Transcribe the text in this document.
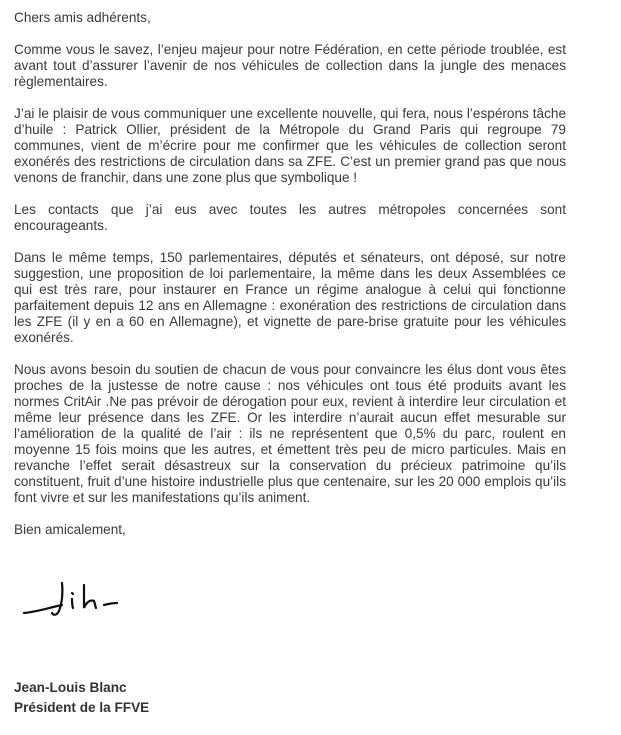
Chers amis adhérents,

Comme vous le savez, l’enjeu majeur pour notre Fédération, en cette période troublée, est avant tout d’assurer l’avenir de nos véhicules de collection dans la jungle des menaces règlementaires.

J’ai le plaisir de vous communiquer une excellente nouvelle, qui fera, nous l’espérons tâche d’huile : Patrick Ollier, président de la Métropole du Grand Paris qui regroupe 79 communes, vient de m’écrire pour me confirmer que les véhicules de collection seront exonérés des restrictions de circulation dans sa ZFE. C’est un premier grand pas que nous venons de franchir, dans une zone plus que symbolique !

Les contacts que j’ai eus avec toutes les autres métropoles concernées sont encourageants.

Dans le même temps, 150 parlementaires, députés et sénateurs, ont déposé, sur notre suggestion, une proposition de loi parlementaire, la même dans les deux Assemblées ce qui est très rare, pour instaurer en France un régime analogue à celui qui fonctionne parfaitement depuis 12 ans en Allemagne : exonération des restrictions de circulation dans les ZFE (il y en a 60 en Allemagne), et vignette de pare-brise gratuite pour les véhicules exonérés.

Nous avons besoin du soutien de chacun de vous pour convaincre les élus dont vous êtes proches de la justesse de notre cause : nos véhicules ont tous été produits avant les normes CritAir .Ne pas prévoir de dérogation pour eux, revient à interdire leur circulation et même leur présence dans les ZFE. Or les interdire n’aurait aucun effet mesurable sur l’amélioration de la qualité de l’air : ils ne représentent que 0,5% du parc, roulent en moyenne 15 fois moins que les autres, et émettent très peu de micro particules. Mais en revanche l’effet serait désastreux sur la conservation du précieux patrimoine qu’ils constituent, fruit d’une histoire industrielle plus que centenaire, sur les 20 000 emplois qu’ils font vivre et sur les manifestations qu’ils animent.

Bien amicalement,

Jean-Louis Blanc
Président de la FFVE
